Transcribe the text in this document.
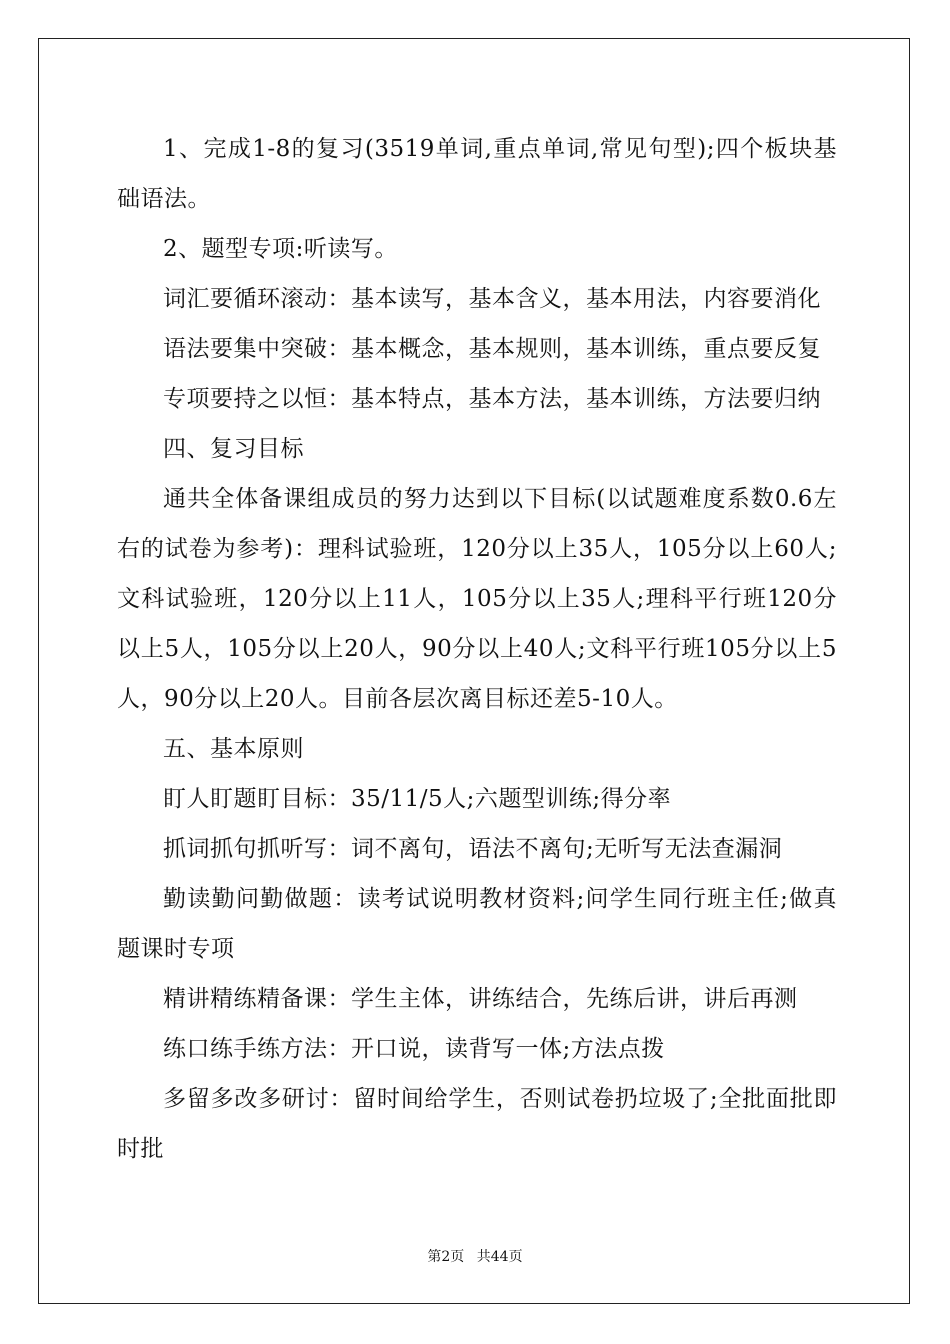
1、完成1-8的复习(3519单词,重点单词,常见句型);四个板块基础语法。

2、题型专项:听读写。

词汇要循环滚动：基本读写，基本含义，基本用法，内容要消化

语法要集中突破：基本概念，基本规则，基本训练，重点要反复

专项要持之以恒：基本特点，基本方法，基本训练，方法要归纳

四、复习目标

通共全体备课组成员的努力达到以下目标(以试题难度系数0.6左右的试卷为参考)：理科试验班，120分以上35人，105分以上60人;文科试验班，120分以上11人，105分以上35人;理科平行班120分以上5人，105分以上20人，90分以上40人;文科平行班105分以上5人，90分以上20人。目前各层次离目标还差5-10人。

五、基本原则

盯人盯题盯目标：35/11/5人;六题型训练;得分率

抓词抓句抓听写：词不离句，语法不离句;无听写无法查漏洞

勤读勤问勤做题：读考试说明教材资料;问学生同行班主任;做真题课时专项

精讲精练精备课：学生主体，讲练结合，先练后讲，讲后再测

练口练手练方法：开口说，读背写一体;方法点拨

多留多改多研讨：留时间给学生，否则试卷扔垃圾了;全批面批即时批

第2页 共44页
